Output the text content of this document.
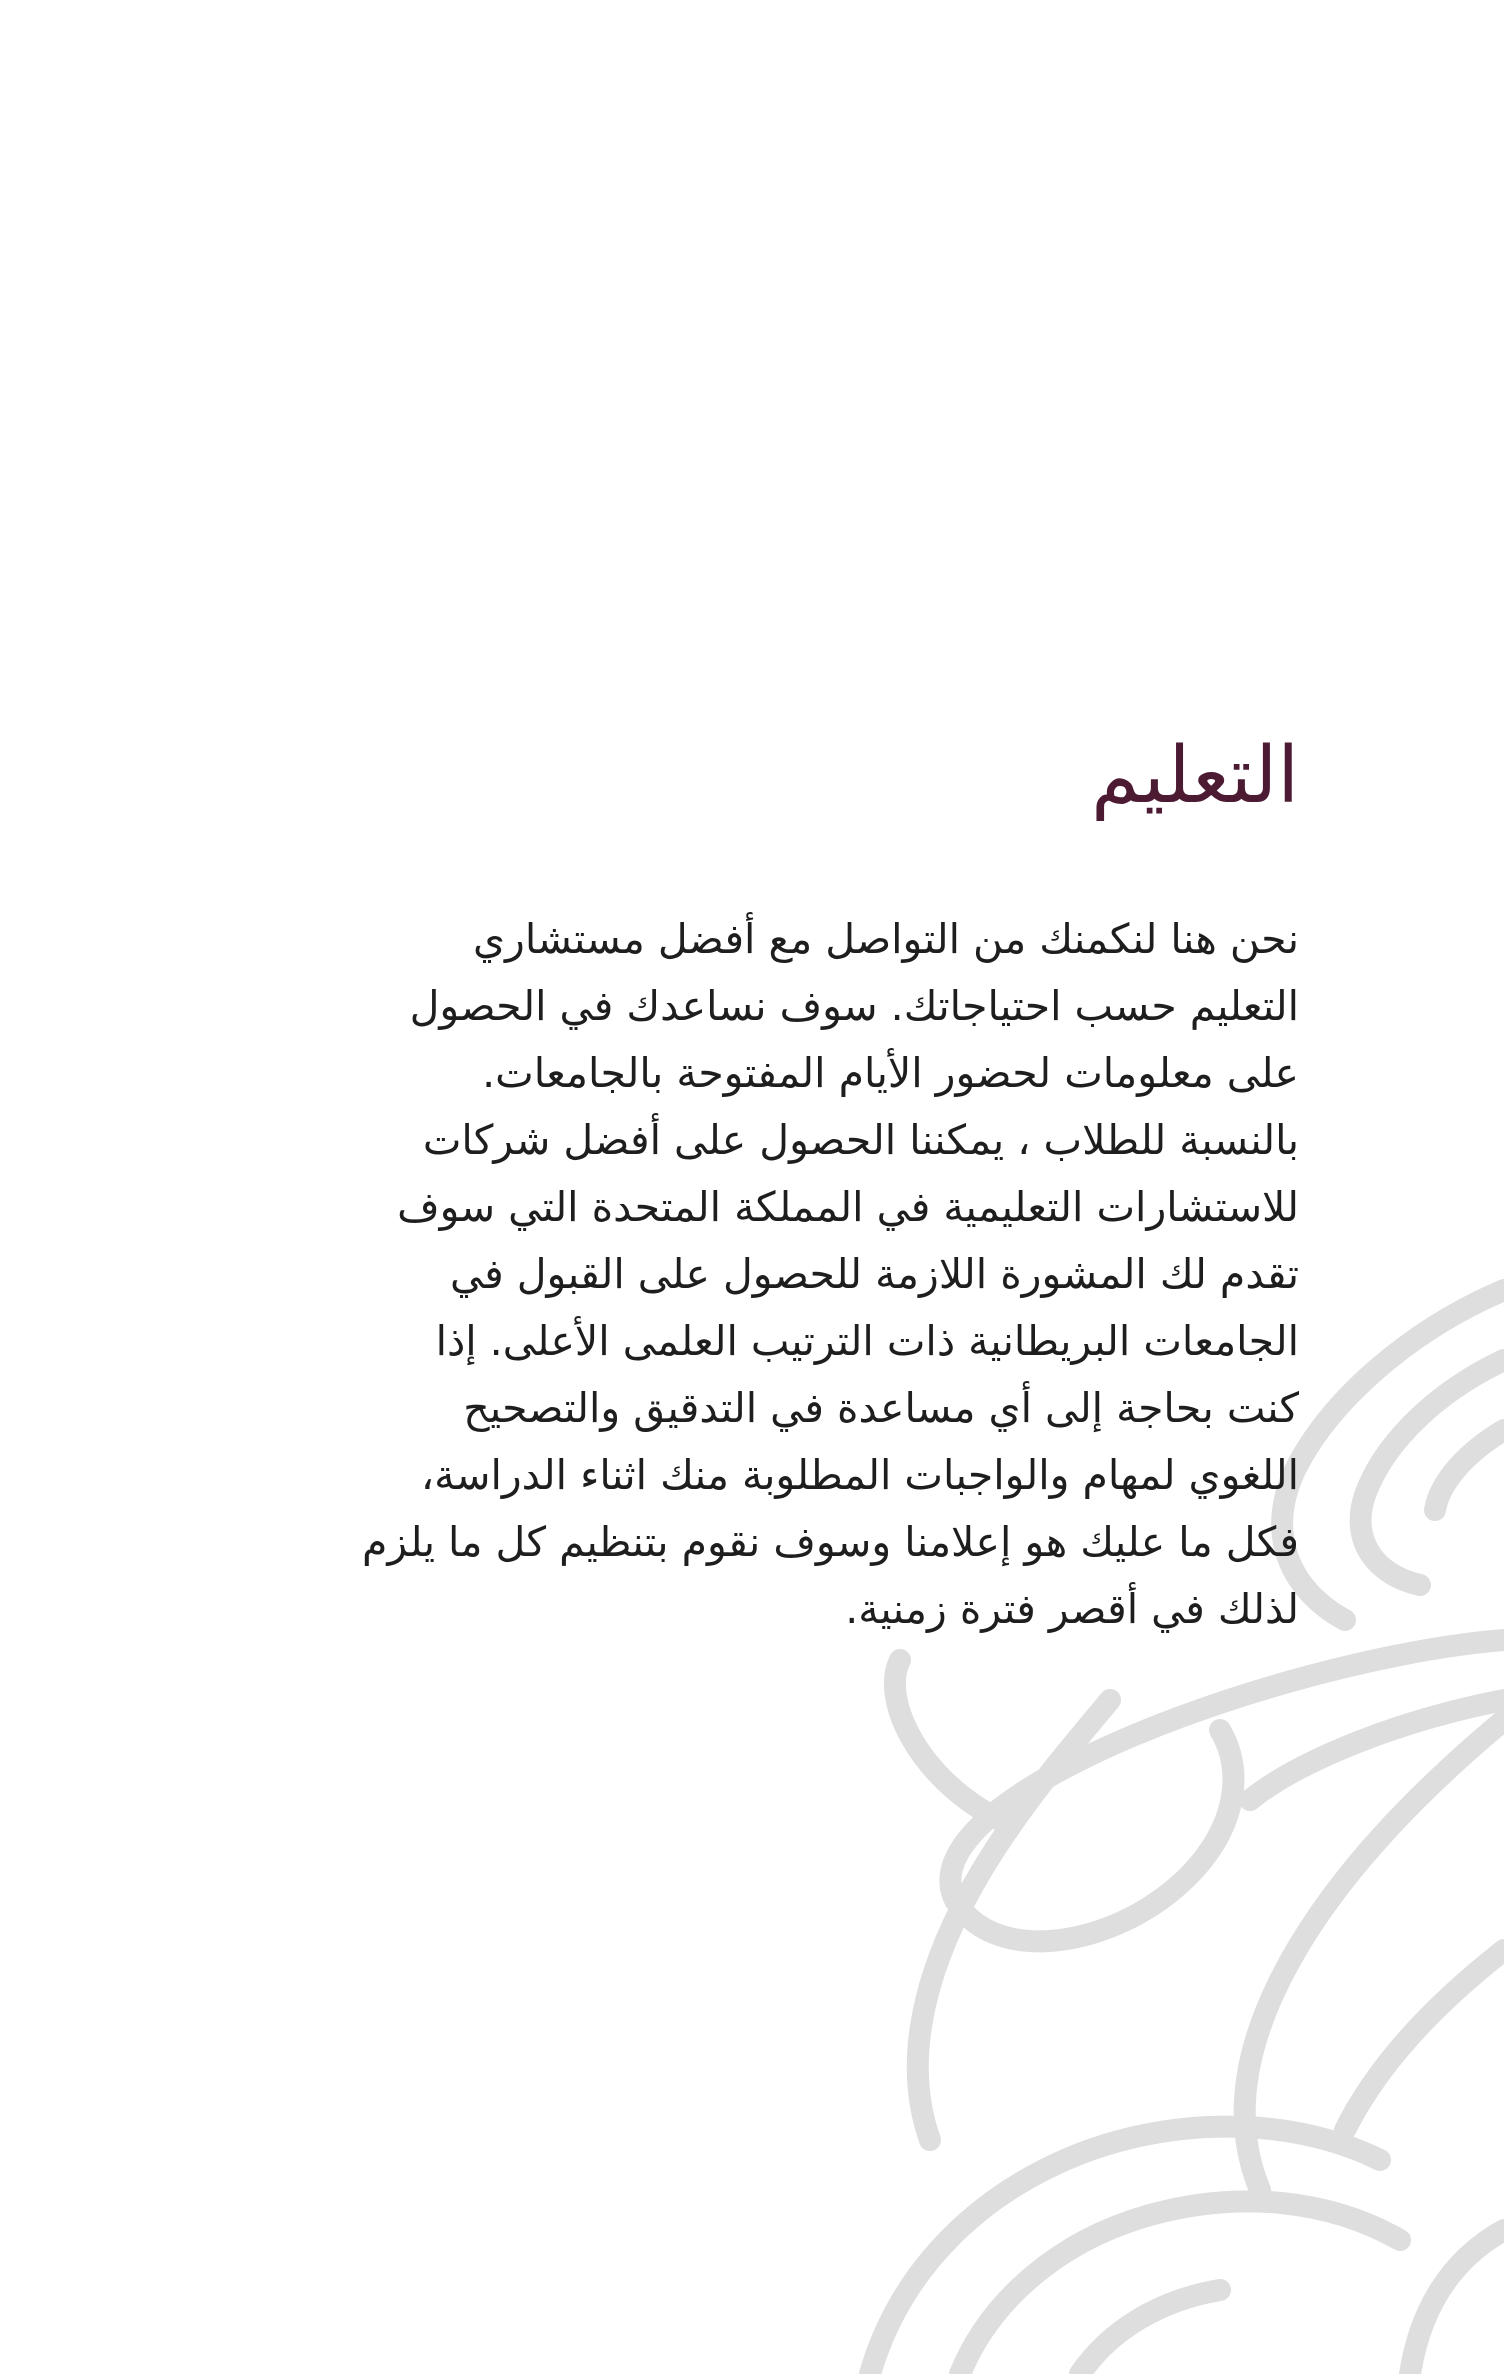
التعليم

نحن هنا لنكمنك من التواصل مع أفضل مستشاري
التعليم حسب احتياجاتك. سوف نساعدك في الحصول
على معلومات لحضور الأيام المفتوحة بالجامعات.
بالنسبة للطلاب ، يمكننا الحصول على أفضل شركات
للاستشارات التعليمية في المملكة المتحدة التي سوف
تقدم لك المشورة اللازمة للحصول على القبول في
الجامعات البريطانية ذات الترتيب العلمى الأعلى. إذا
كنت بحاجة إلى أي مساعدة في التدقيق والتصحيح
اللغوي لمهام والواجبات المطلوبة منك اثناء الدراسة،
فكل ما عليك هو إعلامنا وسوف نقوم بتنظيم كل ما يلزم
لذلك في أقصر فترة زمنية.
